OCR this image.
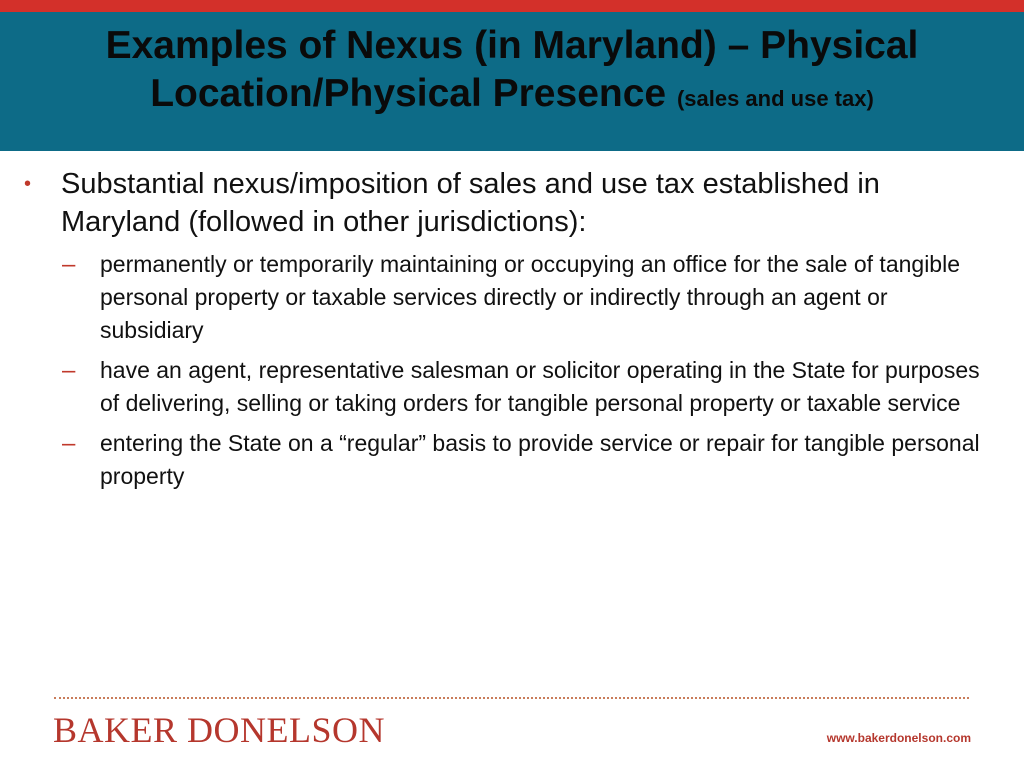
Examples of Nexus (in Maryland) – Physical Location/Physical Presence (sales and use tax)
• Substantial nexus/imposition of sales and use tax established in Maryland (followed in other jurisdictions):
– permanently or temporarily maintaining or occupying an office for the sale of tangible personal property or taxable services directly or indirectly through an agent or subsidiary
– have an agent, representative salesman or solicitor operating in the State for purposes of delivering, selling or taking orders for tangible personal property or taxable service
– entering the State on a “regular” basis to provide service or repair for tangible personal property
BAKER DONELSON	www.bakerdonelson.com
